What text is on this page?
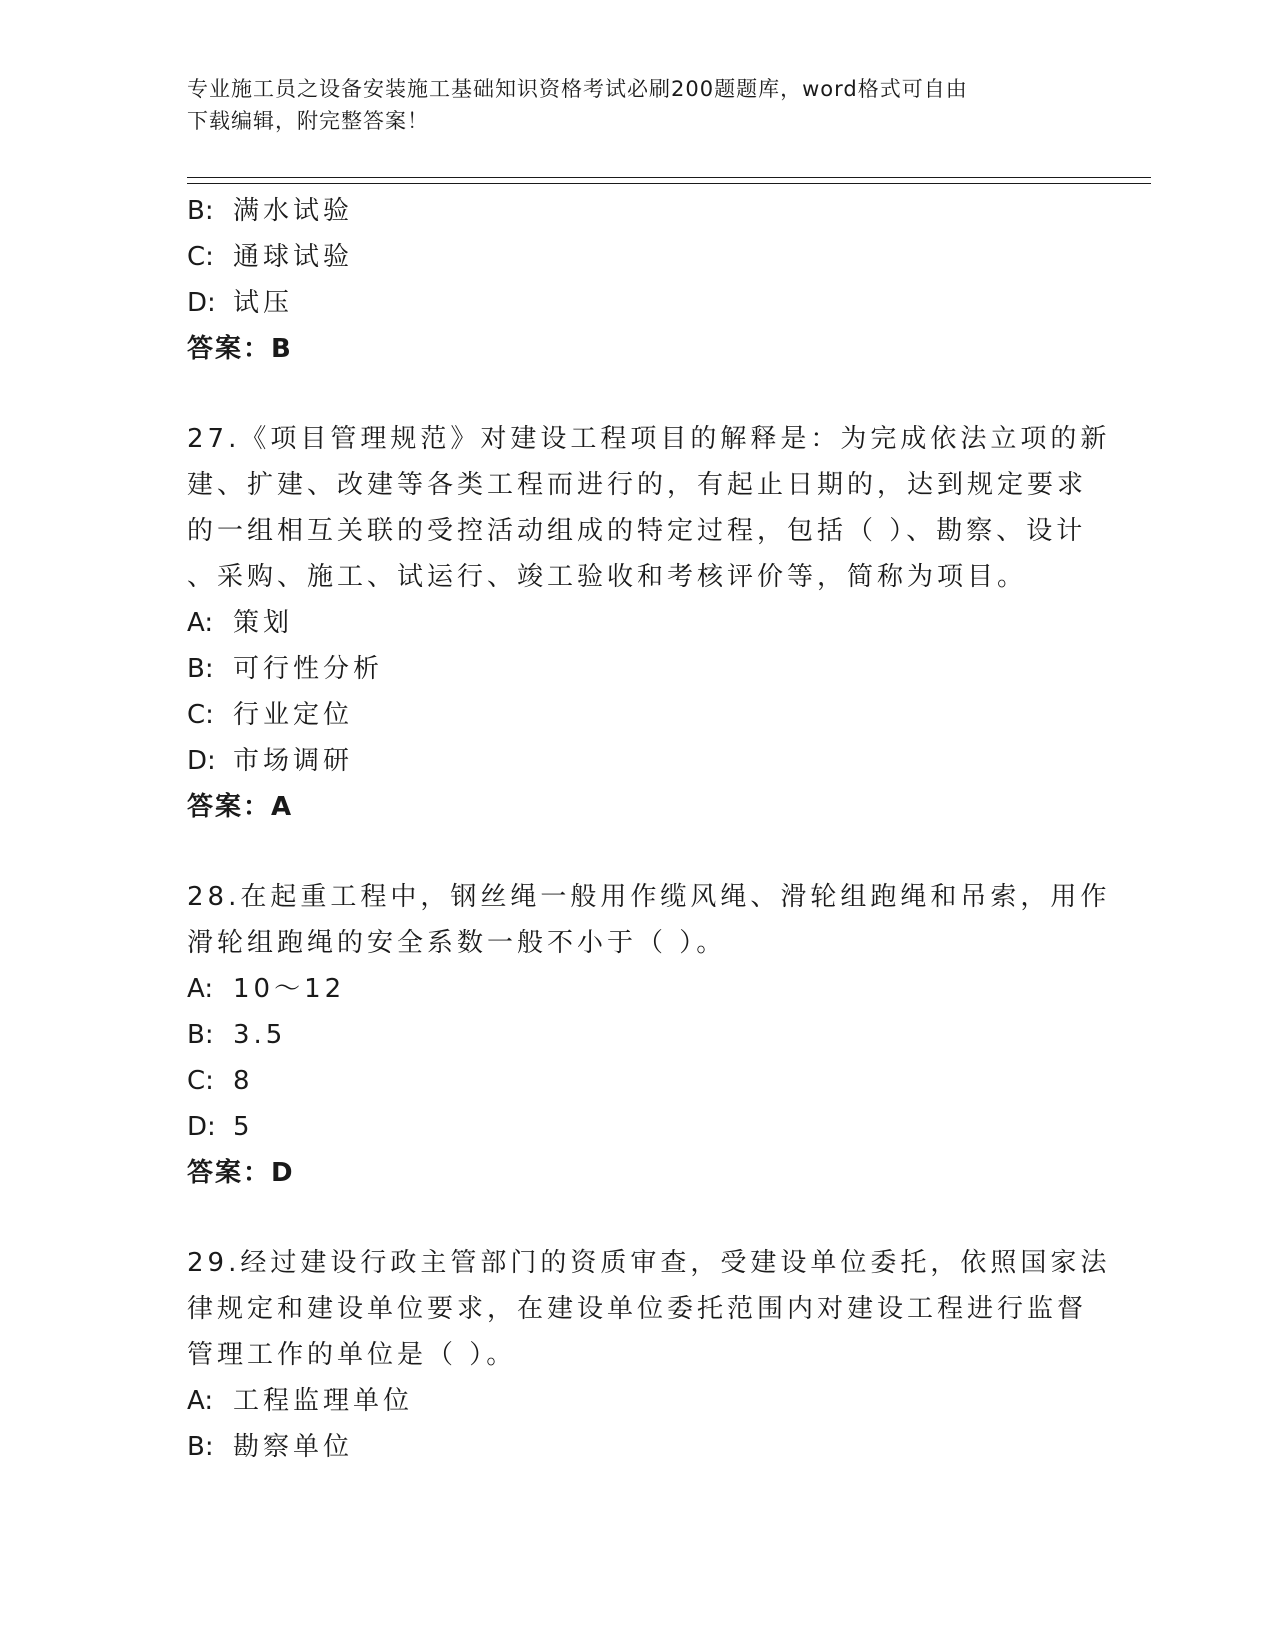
专业施工员之设备安装施工基础知识资格考试必刷200题题库，word格式可自由
下载编辑，附完整答案！
B: 满水试验
C: 通球试验
D: 试压
答案：B
27.《项目管理规范》对建设工程项目的解释是：为完成依法立项的新
建、扩建、改建等各类工程而进行的，有起止日期的，达到规定要求
的一组相互关联的受控活动组成的特定过程，包括（ ）、勘察、设计
、采购、施工、试运行、竣工验收和考核评价等，简称为项目。
A: 策划
B: 可行性分析
C: 行业定位
D: 市场调研
答案：A
28.在起重工程中，钢丝绳一般用作缆风绳、滑轮组跑绳和吊索，用作
滑轮组跑绳的安全系数一般不小于（ ）。
A: 10～12
B: 3.5
C: 8
D: 5
答案：D
29.经过建设行政主管部门的资质审查，受建设单位委托，依照国家法
律规定和建设单位要求，在建设单位委托范围内对建设工程进行监督
管理工作的单位是（ ）。
A: 工程监理单位
B: 勘察单位
